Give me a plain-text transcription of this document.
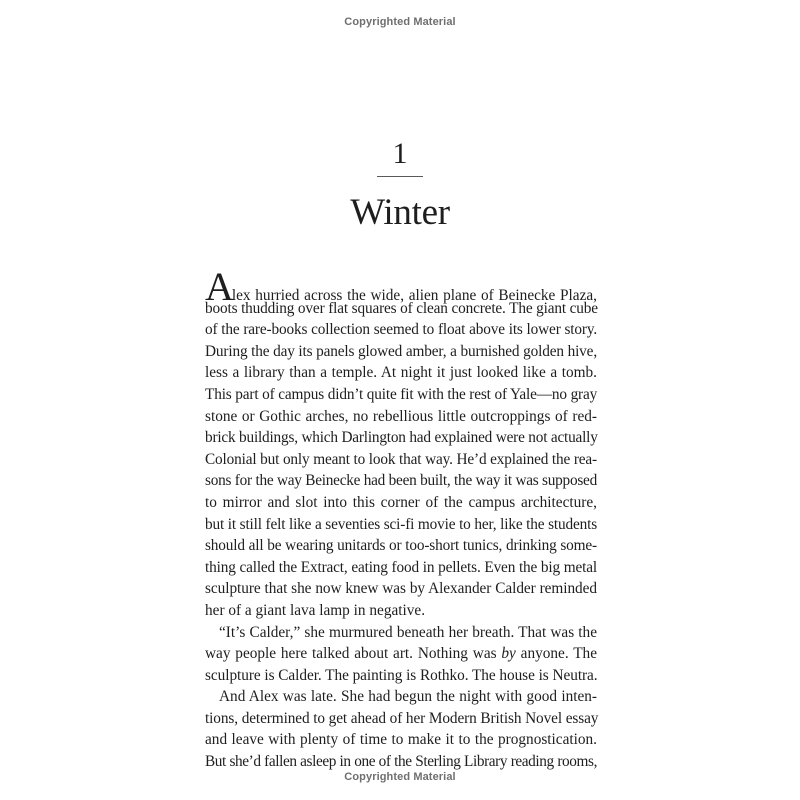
Copyrighted Material
1
Winter
Alex hurried across the wide, alien plane of Beinecke Plaza,
boots thudding over flat squares of clean concrete. The giant cube
of the rare-books collection seemed to float above its lower story.
During the day its panels glowed amber, a burnished golden hive,
less a library than a temple. At night it just looked like a tomb.
This part of campus didn’t quite fit with the rest of Yale—no gray
stone or Gothic arches, no rebellious little outcroppings of red-
brick buildings, which Darlington had explained were not actually
Colonial but only meant to look that way. He’d explained the rea-
sons for the way Beinecke had been built, the way it was supposed
to mirror and slot into this corner of the campus architecture,
but it still felt like a seventies sci-fi movie to her, like the students
should all be wearing unitards or too-short tunics, drinking some-
thing called the Extract, eating food in pellets. Even the big metal
sculpture that she now knew was by Alexander Calder reminded
her of a giant lava lamp in negative.
“It’s Calder,” she murmured beneath her breath. That was the
way people here talked about art. Nothing was by anyone. The
sculpture is Calder. The painting is Rothko. The house is Neutra.
And Alex was late. She had begun the night with good inten-
tions, determined to get ahead of her Modern British Novel essay
and leave with plenty of time to make it to the prognostication.
But she’d fallen asleep in one of the Sterling Library reading rooms,
Copyrighted Material
